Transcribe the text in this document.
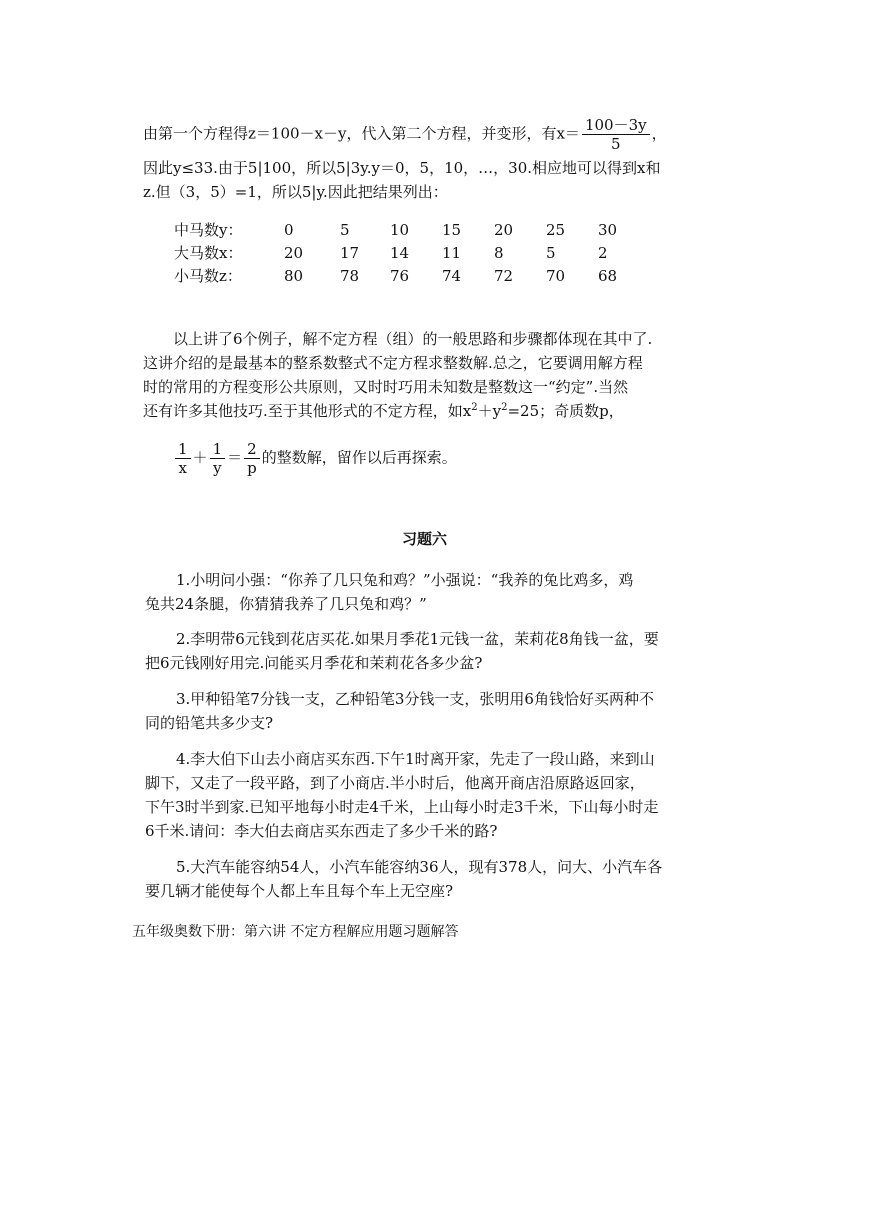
由第一个方程得z＝100－x－y，代入第二个方程，并变形，有$x= \frac{100-3y}{5}$ ，
因此y≤33.由于5|100，所以5|3y.y＝0，5，10，…，30.相应地可以得到x和
z.但（3，5）=1，所以5|y.因此把结果列出：
中马数y：	0	5	10	15	20	25	30
大马数x：	20	17	14	11	8	5	2
小马数z：	80	78	76	74	72	70	68
以上讲了6个例子，解不定方程（组）的一般思路和步骤都体现在其中了.
这讲介绍的是最基本的整系数整式不定方程求整数解.总之，它要调用解方程
时的常用的方程变形公共原则，又时时巧用未知数是整数这一“约定”.当然
还有许多其他技巧.至于其他形式的不定方程，如$x^2+y^2=25$；奇质数p，
$\frac{1}{x} + \frac{1}{y} = \frac{2}{p}$ 的整数解，留作以后再探索。
习题六
1.小明问小强：“你养了几只兔和鸡？”小强说：“我养的兔比鸡多，鸡
兔共24条腿，你猜猜我养了几只兔和鸡？”
2.李明带6元钱到花店买花.如果月季花1元钱一盆，茉莉花8角钱一盆，要
把6元钱刚好用完.问能买月季花和茉莉花各多少盆?
3.甲种铅笔7分钱一支，乙种铅笔3分钱一支，张明用6角钱恰好买两种不
同的铅笔共多少支?
4.李大伯下山去小商店买东西.下午1时离开家，先走了一段山路，来到山
脚下，又走了一段平路，到了小商店.半小时后，他离开商店沿原路返回家，
下午3时半到家.已知平地每小时走4千米，上山每小时走3千米，下山每小时走
6千米.请问：李大伯去商店买东西走了多少千米的路?
5.大汽车能容纳54人，小汽车能容纳36人，现有378人，问大、小汽车各
要几辆才能使每个人都上车且每个车上无空座?
五年级奥数下册：第六讲 不定方程解应用题习题解答
